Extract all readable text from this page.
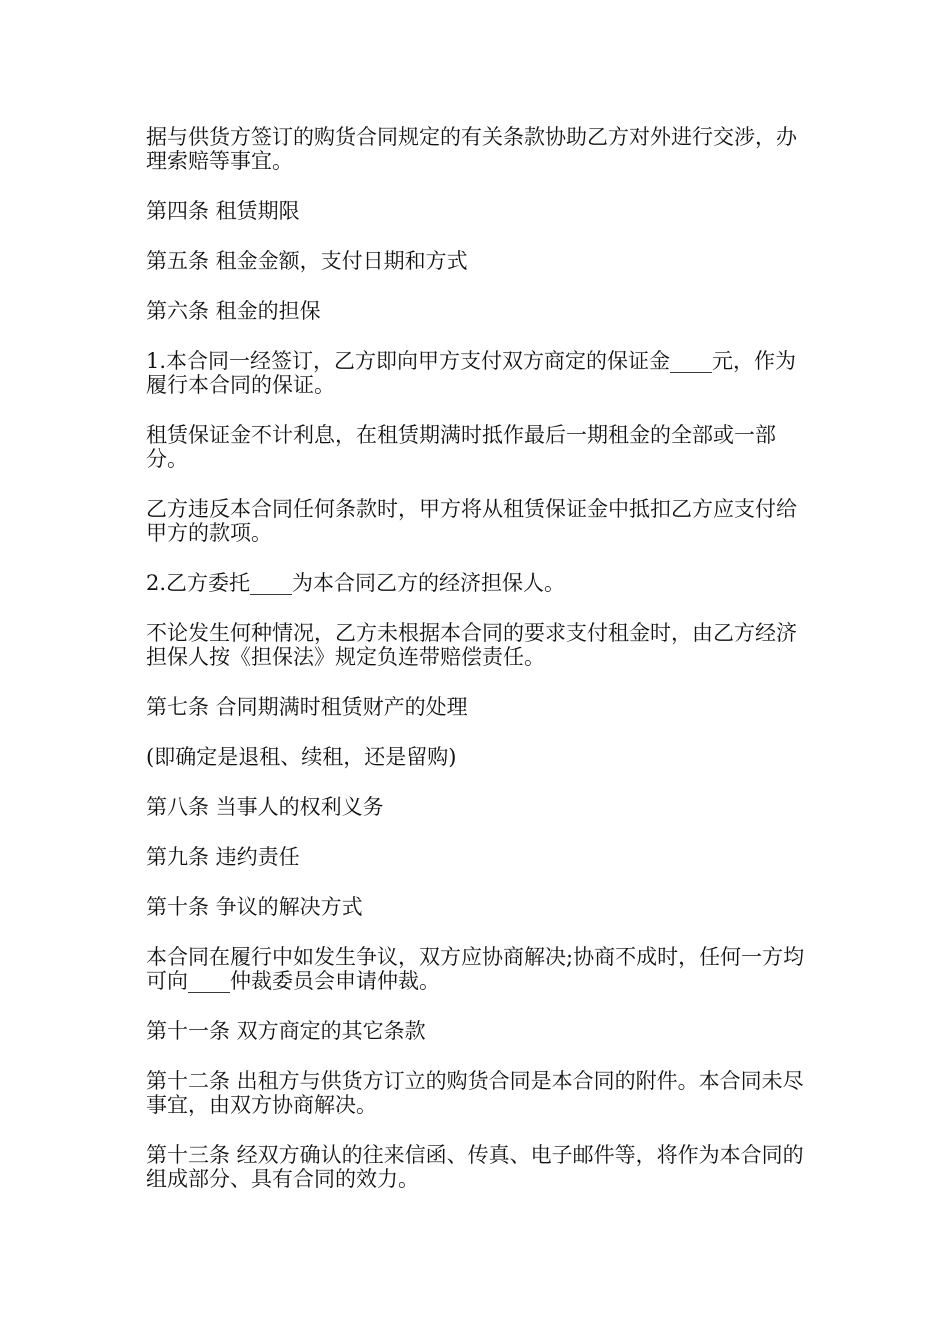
据与供货方签订的购货合同规定的有关条款协助乙方对外进行交涉，办理索赔等事宜。

第四条 租赁期限

第五条 租金金额，支付日期和方式

第六条 租金的担保

1.本合同一经签订，乙方即向甲方支付双方商定的保证金____元，作为履行本合同的保证。

租赁保证金不计利息，在租赁期满时抵作最后一期租金的全部或一部分。

乙方违反本合同任何条款时，甲方将从租赁保证金中抵扣乙方应支付给甲方的款项。

2.乙方委托____为本合同乙方的经济担保人。

不论发生何种情况，乙方未根据本合同的要求支付租金时，由乙方经济担保人按《担保法》规定负连带赔偿责任。

第七条 合同期满时租赁财产的处理

(即确定是退租、续租，还是留购)

第八条 当事人的权利义务

第九条 违约责任

第十条 争议的解决方式

本合同在履行中如发生争议，双方应协商解决;协商不成时，任何一方均可向____仲裁委员会申请仲裁。

第十一条 双方商定的其它条款

第十二条 出租方与供货方订立的购货合同是本合同的附件。本合同未尽事宜，由双方协商解决。

第十三条 经双方确认的往来信函、传真、电子邮件等，将作为本合同的组成部分、具有合同的效力。
